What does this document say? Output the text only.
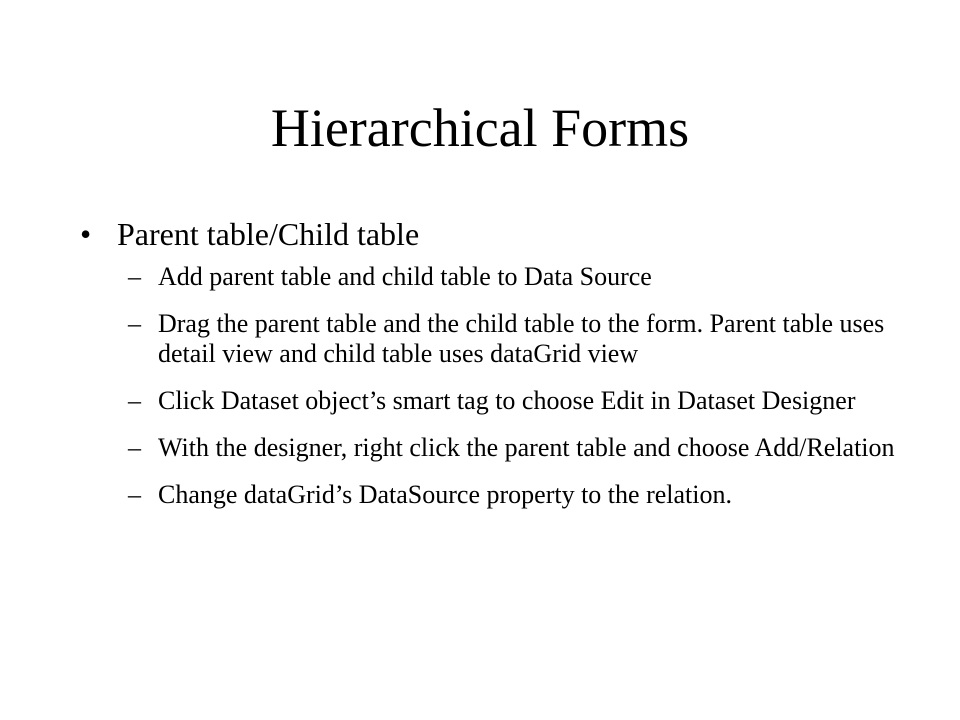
Hierarchical Forms
• Parent table/Child table
– Add parent table and child table to Data Source
– Drag the parent table and the child table to the form. Parent table uses detail view and child table uses dataGrid view
– Click Dataset object’s smart tag to choose Edit in Dataset Designer
– With the designer, right click the parent table and choose Add/Relation
– Change dataGrid’s DataSource property to the relation.
